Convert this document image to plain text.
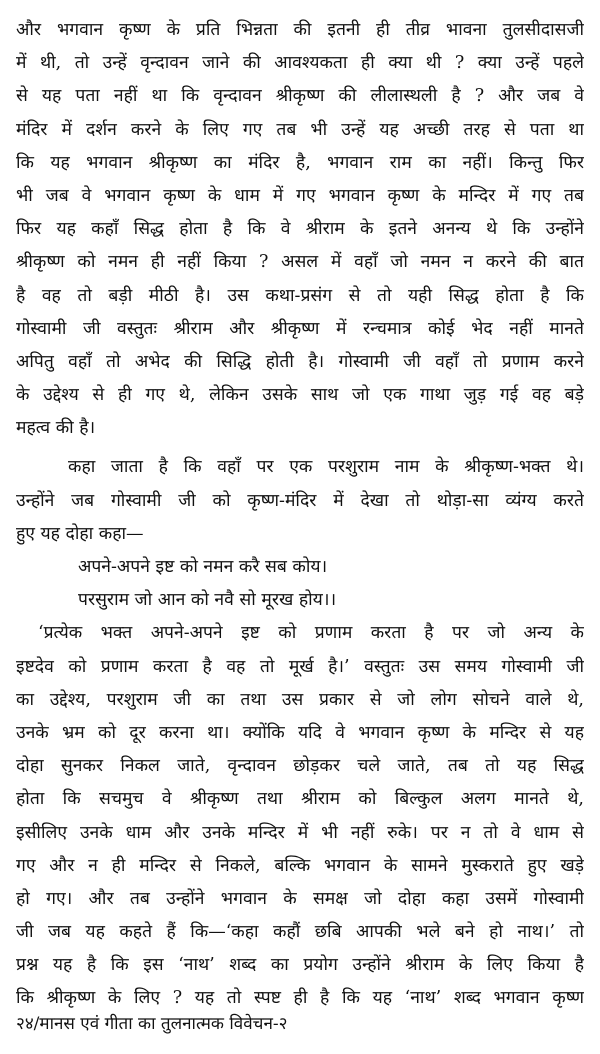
और भगवान कृष्ण के प्रति भिन्नता की इतनी ही तीव्र भावना तुलसीदासजी
में थी, तो उन्हें वृन्दावन जाने की आवश्यकता ही क्या थी ? क्या उन्हें पहले
से यह पता नहीं था कि वृन्दावन श्रीकृष्ण की लीलास्थली है ? और जब वे
मंदिर में दर्शन करने के लिए गए तब भी उन्हें यह अच्छी तरह से पता था
कि यह भगवान श्रीकृष्ण का मंदिर है, भगवान राम का नहीं। किन्तु फिर
भी जब वे भगवान कृष्ण के धाम में गए भगवान कृष्ण के मन्दिर में गए तब
फिर यह कहाँ सिद्ध होता है कि वे श्रीराम के इतने अनन्य थे कि उन्होंने
श्रीकृष्ण को नमन ही नहीं किया ? असल में वहाँ जो नमन न करने की बात
है वह तो बड़ी मीठी है। उस कथा-प्रसंग से तो यही सिद्ध होता है कि
गोस्वामी जी वस्तुतः श्रीराम और श्रीकृष्ण में रन्चमात्र कोई भेद नहीं मानते
अपितु वहाँ तो अभेद की सिद्धि होती है। गोस्वामी जी वहाँ तो प्रणाम करने
के उद्देश्य से ही गए थे, लेकिन उसके साथ जो एक गाथा जुड़ गई वह बड़े
महत्व की है।
कहा जाता है कि वहाँ पर एक परशुराम नाम के श्रीकृष्ण-भक्त थे।
उन्होंने जब गोस्वामी जी को कृष्ण-मंदिर में देखा तो थोड़ा-सा व्यंग्य करते
हुए यह दोहा कहा—
अपने-अपने इष्ट को नमन करै सब कोय।
परसुराम जो आन को नवै सो मूरख होय।।
‘प्रत्येक भक्त अपने-अपने इष्ट को प्रणाम करता है पर जो अन्य के
इष्टदेव को प्रणाम करता है वह तो मूर्ख है।’ वस्तुतः उस समय गोस्वामी जी
का उद्देश्य, परशुराम जी का तथा उस प्रकार से जो लोग सोचने वाले थे,
उनके भ्रम को दूर करना था। क्योंकि यदि वे भगवान कृष्ण के मन्दिर से यह
दोहा सुनकर निकल जाते, वृन्दावन छोड़कर चले जाते, तब तो यह सिद्ध
होता कि सचमुच वे श्रीकृष्ण तथा श्रीराम को बिल्कुल अलग मानते थे,
इसीलिए उनके धाम और उनके मन्दिर में भी नहीं रुके। पर न तो वे धाम से
गए और न ही मन्दिर से निकले, बल्कि भगवान के सामने मुस्कराते हुए खड़े
हो गए। और तब उन्होंने भगवान के समक्ष जो दोहा कहा उसमें गोस्वामी
जी जब यह कहते हैं कि—‘कहा कहौं छबि आपकी भले बने हो नाथ।’ तो
प्रश्न यह है कि इस ‘नाथ’ शब्द का प्रयोग उन्होंने श्रीराम के लिए किया है
कि श्रीकृष्ण के लिए ? यह तो स्पष्ट ही है कि यह ‘नाथ’ शब्द भगवान कृष्ण
२४/मानस एवं गीता का तुलनात्मक विवेचन-२
